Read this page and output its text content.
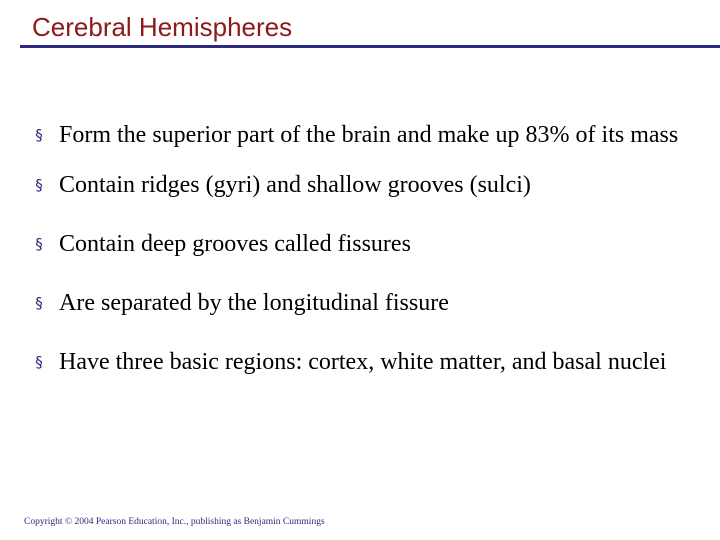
Cerebral Hemispheres
§ Form the superior part of the brain and make up 83% of its mass
§ Contain ridges (gyri) and shallow grooves (sulci)
§ Contain deep grooves called fissures
§ Are separated by the longitudinal fissure
§ Have three basic regions: cortex, white matter, and basal nuclei
Copyright © 2004 Pearson Education, Inc., publishing as Benjamin Cummings
